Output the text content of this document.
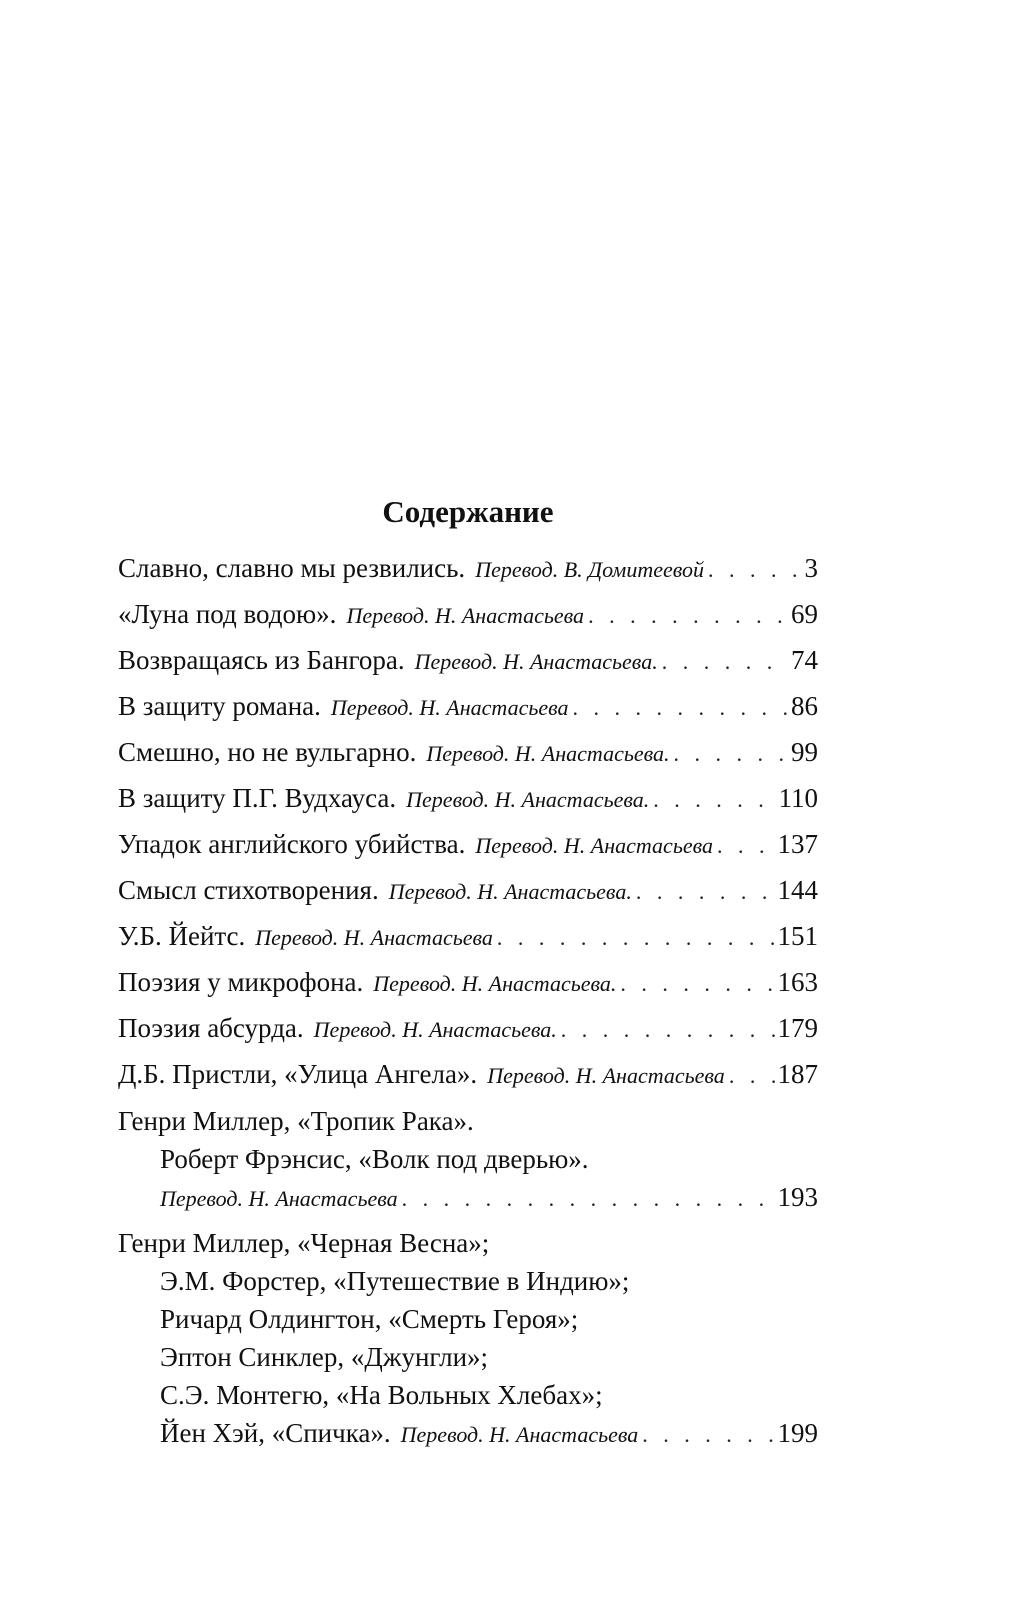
Содержание
Славно, славно мы резвились. Перевод. В. Домитеевой . . .	3
«Луна под водою». Перевод. Н. Анастасьева . . .	69
Возвращаясь из Бангора. Перевод. Н. Анастасьева. . . .	74
В защиту романа. Перевод. Н. Анастасьева . . .	86
Смешно, но не вульгарно. Перевод. Н. Анастасьева. . . .	99
В защиту П.Г. Вудхауса. Перевод. Н. Анастасьева. . . .	110
Упадок английского убийства. Перевод. Н. Анастасьева . . . 137
Смысл стихотворения. Перевод. Н. Анастасьева. . . .	144
У.Б. Йейтс. Перевод. Н. Анастасьева . . .	151
Поэзия у микрофона. Перевод. Н. Анастасьева. . . .	163
Поэзия абсурда. Перевод. Н. Анастасьева. . . .	179
Д.Б. Пристли, «Улица Ангела». Перевод. Н. Анастасьева . . . 187
Генри Миллер, «Тропик Рака».
Роберт Фрэнсис, «Волк под дверью».
Перевод. Н. Анастасьева . . .	193
Генри Миллер, «Черная Весна»;
Э.М. Форстер, «Путешествие в Индию»;
Ричард Олдингтон, «Смерть Героя»;
Эптон Синклер, «Джунгли»;
С.Э. Монтегю, «На Вольных Хлебах»;
Йен Хэй, «Спичка». Перевод. Н. Анастасьева . . .	199
